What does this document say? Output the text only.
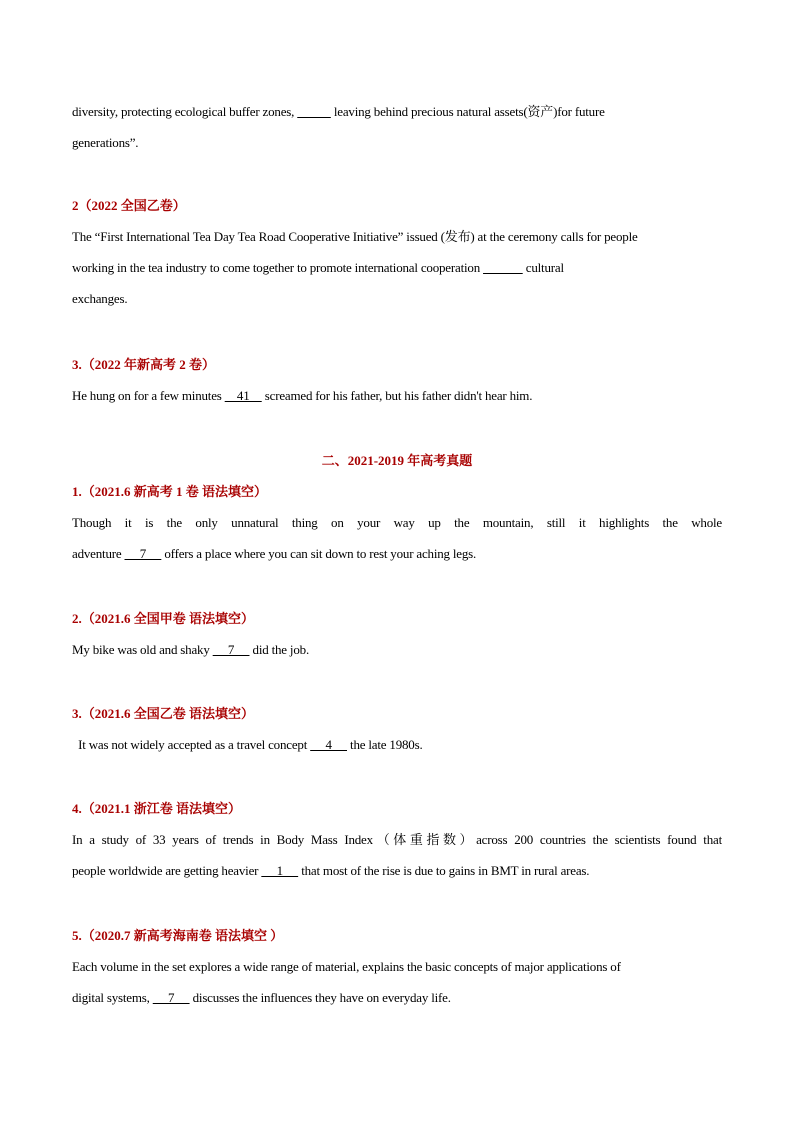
diversity, protecting ecological buffer zones,	leaving behind precious natural assets(资产)for future
generations”.
2（2022 全国乙卷）
The “First International Tea Day Tea Road Cooperative Initiative” issued (发布) at the ceremony calls for people
working in the tea industry to come together to promote international cooperation	cultural
exchanges.
3.（2022 年新高考 2 卷）
He hung on for a few minutes     41     screamed for his father, but his father didn't hear him.
二、2021-2019 年高考真题
1.（2021.6 新高考 1 卷 语法填空）
Though it is the only unnatural thing on your way up the mountain, still it highlights the whole
adventure      7      offers a place where you can sit down to rest your aching legs.
2.（2021.6 全国甲卷 语法填空）
My bike was old and shaky      7      did the job.
3.（2021.6 全国乙卷 语法填空）
It was not widely accepted as a travel concept      4      the late 1980s.
4.（2021.1 浙江卷 语法填空）
In a study of 33 years of trends in Body Mass Index（体重指数）across 200 countries the scientists found that
people worldwide are getting heavier      1      that most of the rise is due to gains in BMT in rural areas.
5.（2020.7 新高考海南卷 语法填空 ）
Each volume in the set explores a wide range of material, explains the basic concepts of major applications of
digital systems,      7      discusses the influences they have on everyday life.
